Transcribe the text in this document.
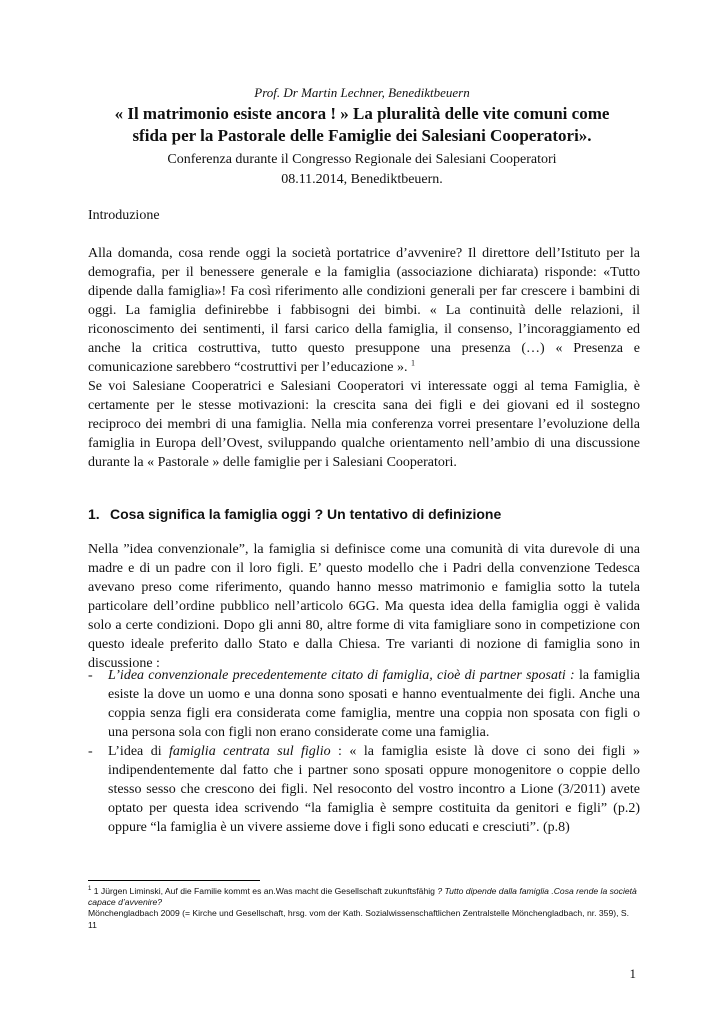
Prof. Dr Martin Lechner, Benediktbeuern
« Il matrimonio esiste ancora ! » La pluralità delle vite comuni come
sfida per la Pastorale delle Famiglie dei Salesiani Cooperatori».
Conferenza durante il Congresso Regionale dei Salesiani Cooperatori
08.11.2014, Benediktbeuern.
Introduzione

Alla domanda, cosa rende oggi la società portatrice d’avvenire? Il direttore dell’Istituto per la demografia, per il benessere generale e la famiglia (associazione dichiarata) risponde: «Tutto dipende dalla famiglia»! Fa così riferimento alle condizioni generali per far crescere i bambini di oggi. La famiglia definirebbe i fabbisogni dei bimbi. « La continuità delle relazioni, il riconoscimento dei sentimenti, il farsi carico della famiglia, il consenso, l’incoraggiamento ed anche la critica costruttiva, tutto questo presuppone una presenza (…) « Presenza e comunicazione sarebbero “costruttivi per l’educazione ». $^1$

Se voi Salesiane Cooperatrici e Salesiani Cooperatori vi interessate oggi al tema Famiglia, è certamente per le stesse motivazioni: la crescita sana dei figli e dei giovani ed il sostegno reciproco dei membri di una famiglia. Nella mia conferenza vorrei presentare l’evoluzione della famiglia in Europa dell’Ovest, sviluppando qualche orientamento nell’ambio di una discussione durante la « Pastorale » delle famiglie per i Salesiani Cooperatori.

1. Cosa significa la famiglia oggi ? Un tentativo di definizione
Nella ”idea convenzionale”, la famiglia si definisce come una comunità di vita durevole di una madre e di un padre con il loro figli. E’ questo modello che i Padri della convenzione Tedesca avevano preso come riferimento, quando hanno messo matrimonio e famiglia sotto la tutela particolare dell’ordine pubblico nell’articolo 6GG. Ma questa idea della famiglia oggi è valida solo a certe condizioni. Dopo gli anni 80, altre forme di vita famigliare sono in competizione con questo ideale preferito dallo Stato e dalla Chiesa. Tre varianti di nozione di famiglia sono in discussione :
- L’idea convenzionale precedentemente citato di famiglia, cioè di partner sposati : la famiglia esiste la dove un uomo e una donna sono sposati e hanno eventualmente dei figli. Anche una coppia senza figli era considerata come famiglia, mentre una coppia non sposata con figli o una persona sola con figli non erano considerate come una famiglia.
- L’idea di famiglia centrata sul figlio : « la famiglia esiste là dove ci sono dei figli » indipendentemente dal fatto che i partner sono sposati oppure monogenitore o coppie dello stesso sesso che crescono dei figli. Nel resoconto del vostro incontro a Lione (3/2011) avete optato per questa idea scrivendo “la famiglia è sempre costituita da genitori e figli” (p.2) oppure “la famiglia è un vivere assieme dove i figli sono educati e cresciuti”. (p.8)

$^1$ 1 Jürgen Liminski, Auf die Familie kommt es an.Was macht die Gesellschaft zukunftsfähig ? Tutto dipende dalla famiglia .Cosa rende la società capace d’avvenire?

Mönchengladbach 2009 (= Kirche und Gesellschaft, hrsg. vom der Kath. Sozialwissenschaftlichen Zentralstelle Mönchengladbach, nr. 359), S. 11

1
